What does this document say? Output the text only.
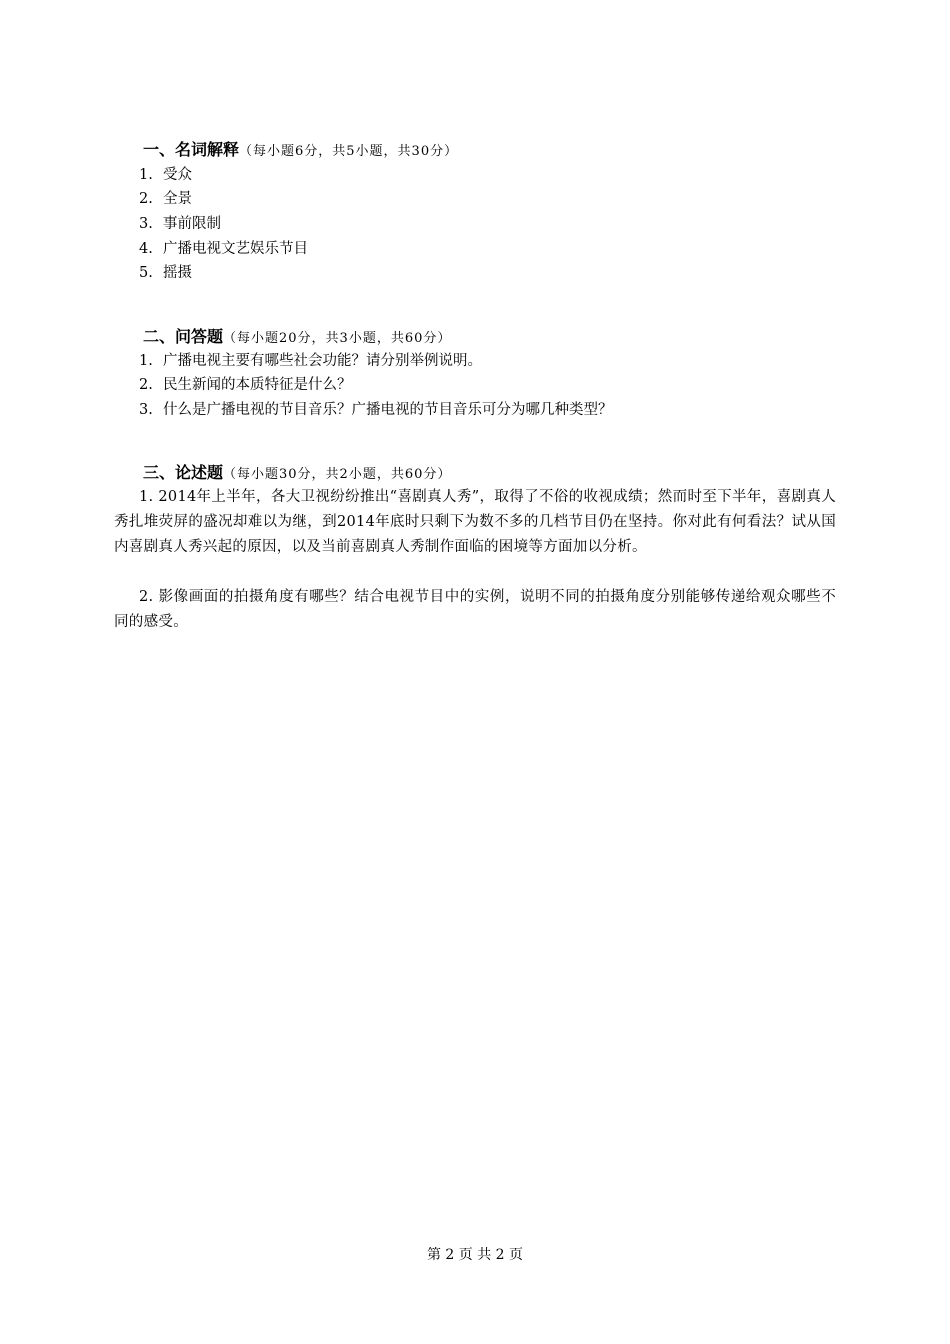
一、名词解释（每小题6分，共5小题，共30分）
1. 受众
2. 全景
3. 事前限制
4. 广播电视文艺娱乐节目
5. 摇摄
二、问答题（每小题20分，共3小题，共60分）
1. 广播电视主要有哪些社会功能？请分别举例说明。
2. 民生新闻的本质特征是什么？
3. 什么是广播电视的节目音乐？广播电视的节目音乐可分为哪几种类型？
三、论述题（每小题30分，共2小题，共60分）
1. 2014年上半年，各大卫视纷纷推出“喜剧真人秀”，取得了不俗的收视成绩；然而时至下半年，喜剧真人秀扎堆荧屏的盛况却难以为继，到2014年底时只剩下为数不多的几档节目仍在坚持。你对此有何看法？试从国内喜剧真人秀兴起的原因，以及当前喜剧真人秀制作面临的困境等方面加以分析。
2. 影像画面的拍摄角度有哪些？结合电视节目中的实例，说明不同的拍摄角度分别能够传递给观众哪些不同的感受。
第 2 页 共 2 页
